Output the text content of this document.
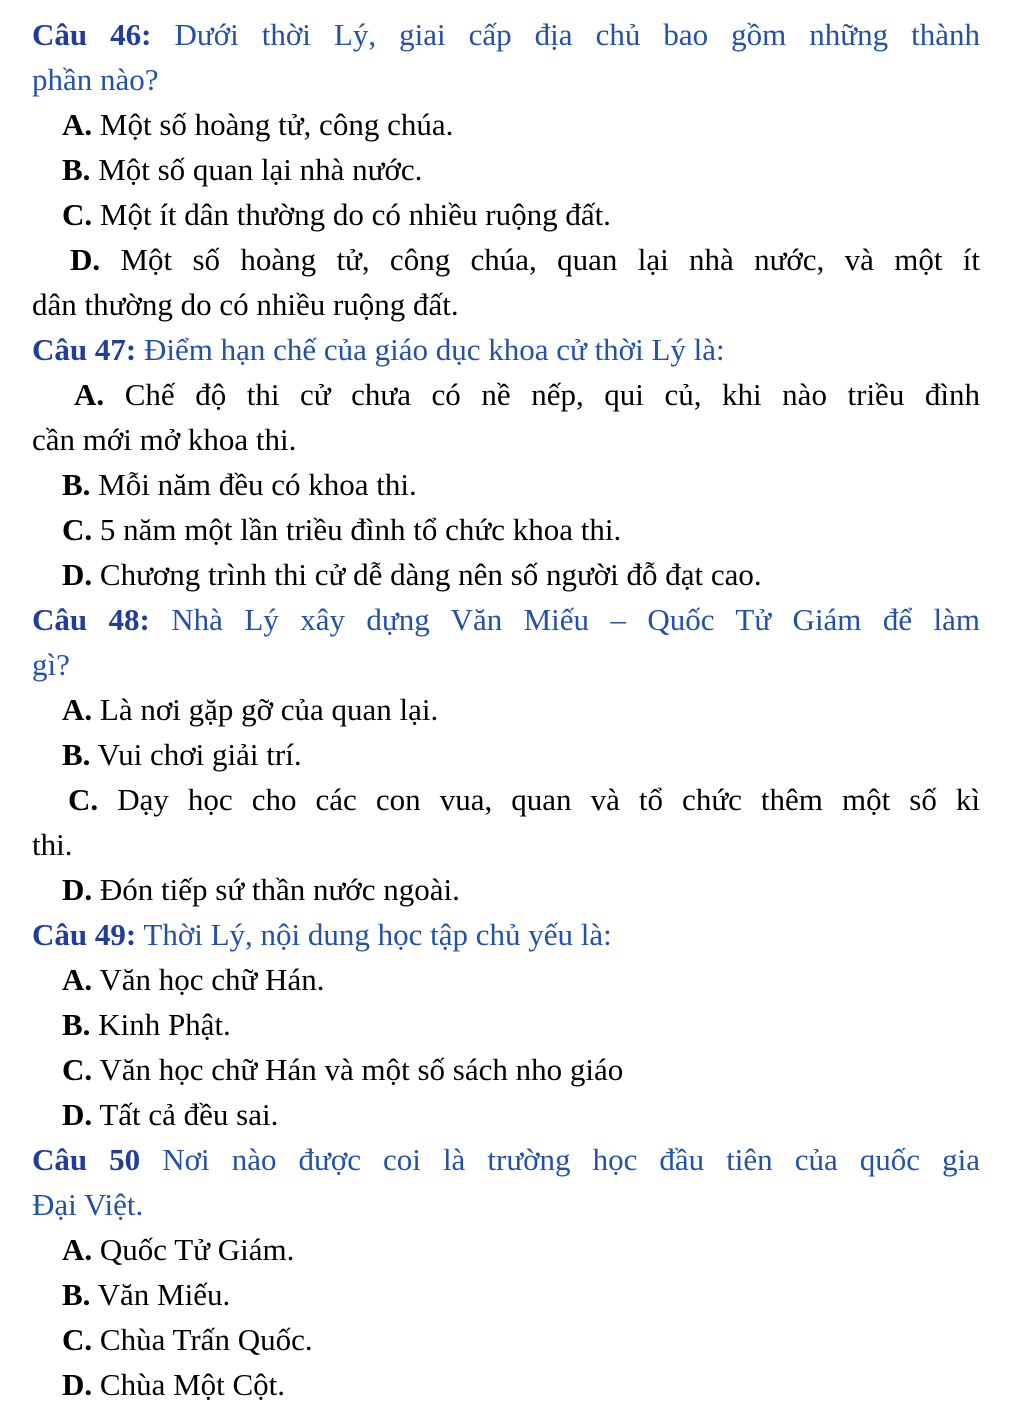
Câu 46: Dưới thời Lý, giai cấp địa chủ bao gồm những thành
phần nào?
A. Một số hoàng tử, công chúa.
B. Một số quan lại nhà nước.
C. Một ít dân thường do có nhiều ruộng đất.
D. Một số hoàng tử, công chúa, quan lại nhà nước, và một ít
dân thường do có nhiều ruộng đất.
Câu 47: Điểm hạn chế của giáo dục khoa cử thời Lý là:
A. Chế độ thi cử chưa có nề nếp, qui củ, khi nào triều đình
cần mới mở khoa thi.
B. Mỗi năm đều có khoa thi.
C. 5 năm một lần triều đình tổ chức khoa thi.
D. Chương trình thi cử dễ dàng nên số người đỗ đạt cao.
Câu 48: Nhà Lý xây dựng Văn Miếu – Quốc Tử Giám để làm
gì?
A. Là nơi gặp gỡ của quan lại.
B. Vui chơi giải trí.
C. Dạy học cho các con vua, quan và tổ chức thêm một số kì
thi.
D. Đón tiếp sứ thần nước ngoài.
Câu 49: Thời Lý, nội dung học tập chủ yếu là:
A. Văn học chữ Hán.
B. Kinh Phật.
C. Văn học chữ Hán và một số sách nho giáo
D. Tất cả đều sai.
Câu 50 Nơi nào được coi là trường học đầu tiên của quốc gia
Đại Việt.
A. Quốc Tử Giám.
B. Văn Miếu.
C. Chùa Trấn Quốc.
D. Chùa Một Cột.
